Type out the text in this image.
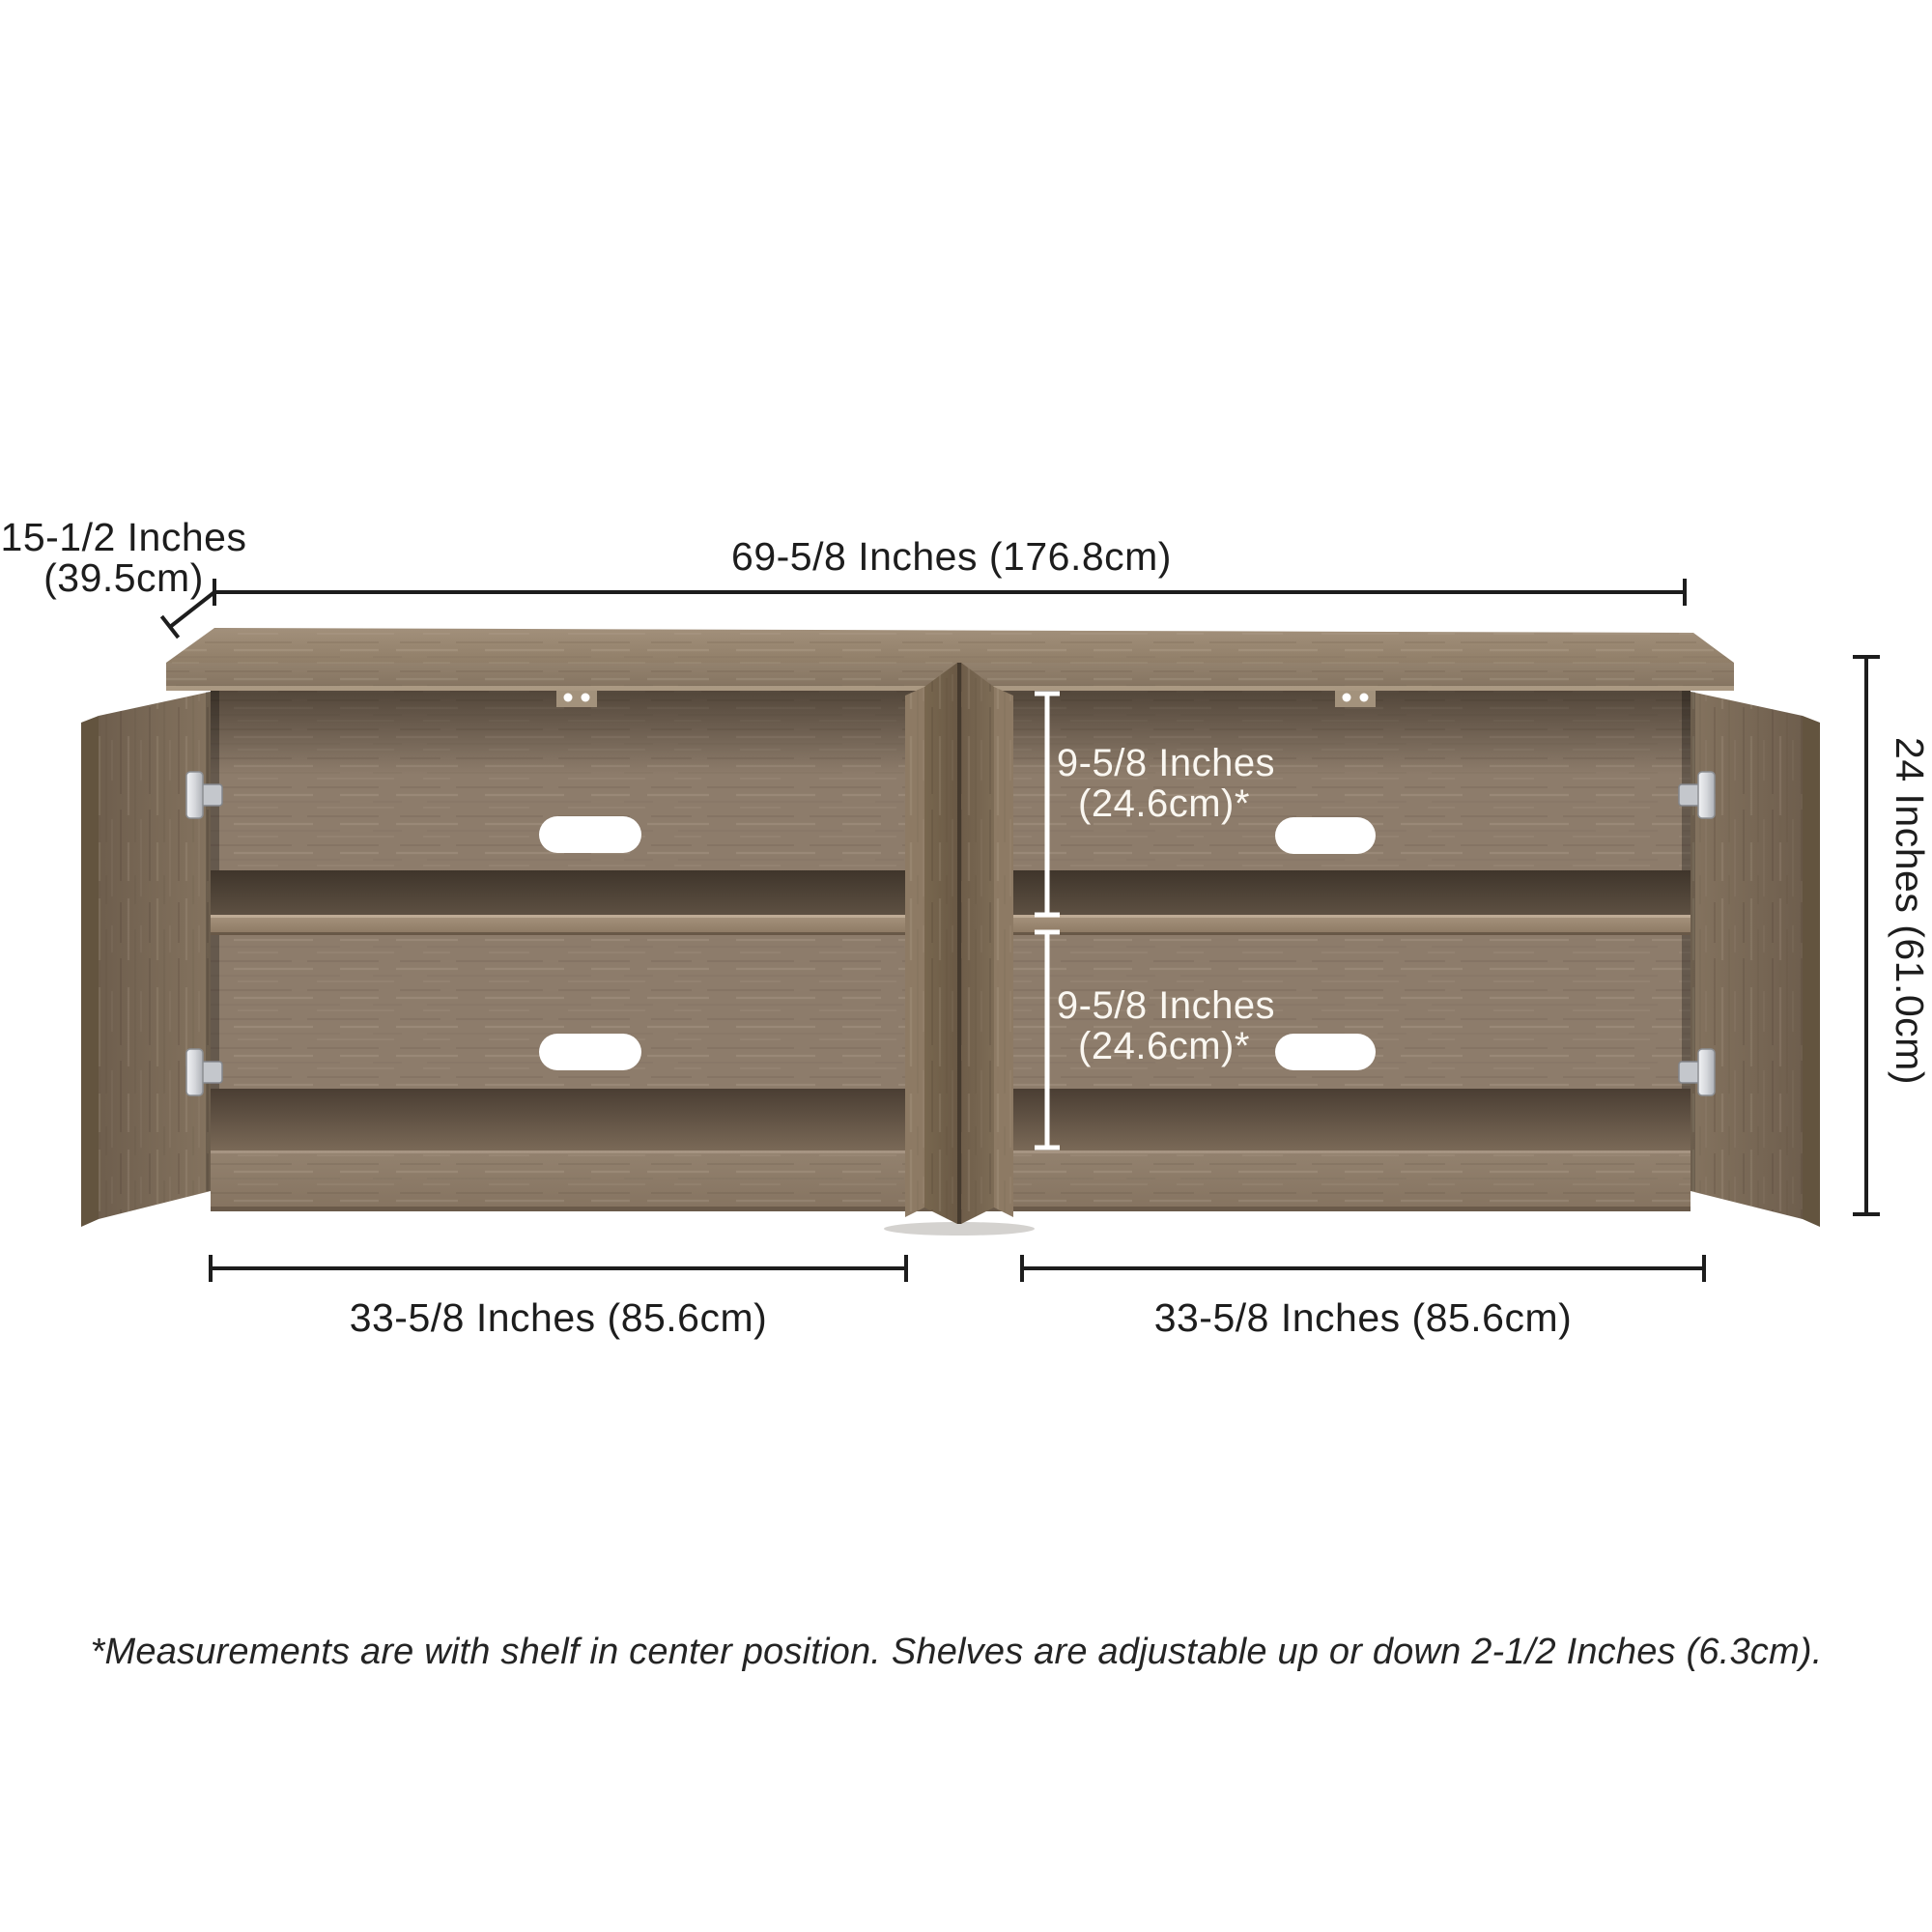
15-1/2 Inches
(39.5cm)	69-5/8 Inches (176.8cm)
24 Inches (61.0cm)
9-5/8 Inches
(24.6cm)*
9-5/8 Inches
(24.6cm)*
33-5/8 Inches (85.6cm)	33-5/8 Inches (85.6cm)
*Measurements are with shelf in center position. Shelves are adjustable up or down 2-1/2 Inches (6.3cm).
